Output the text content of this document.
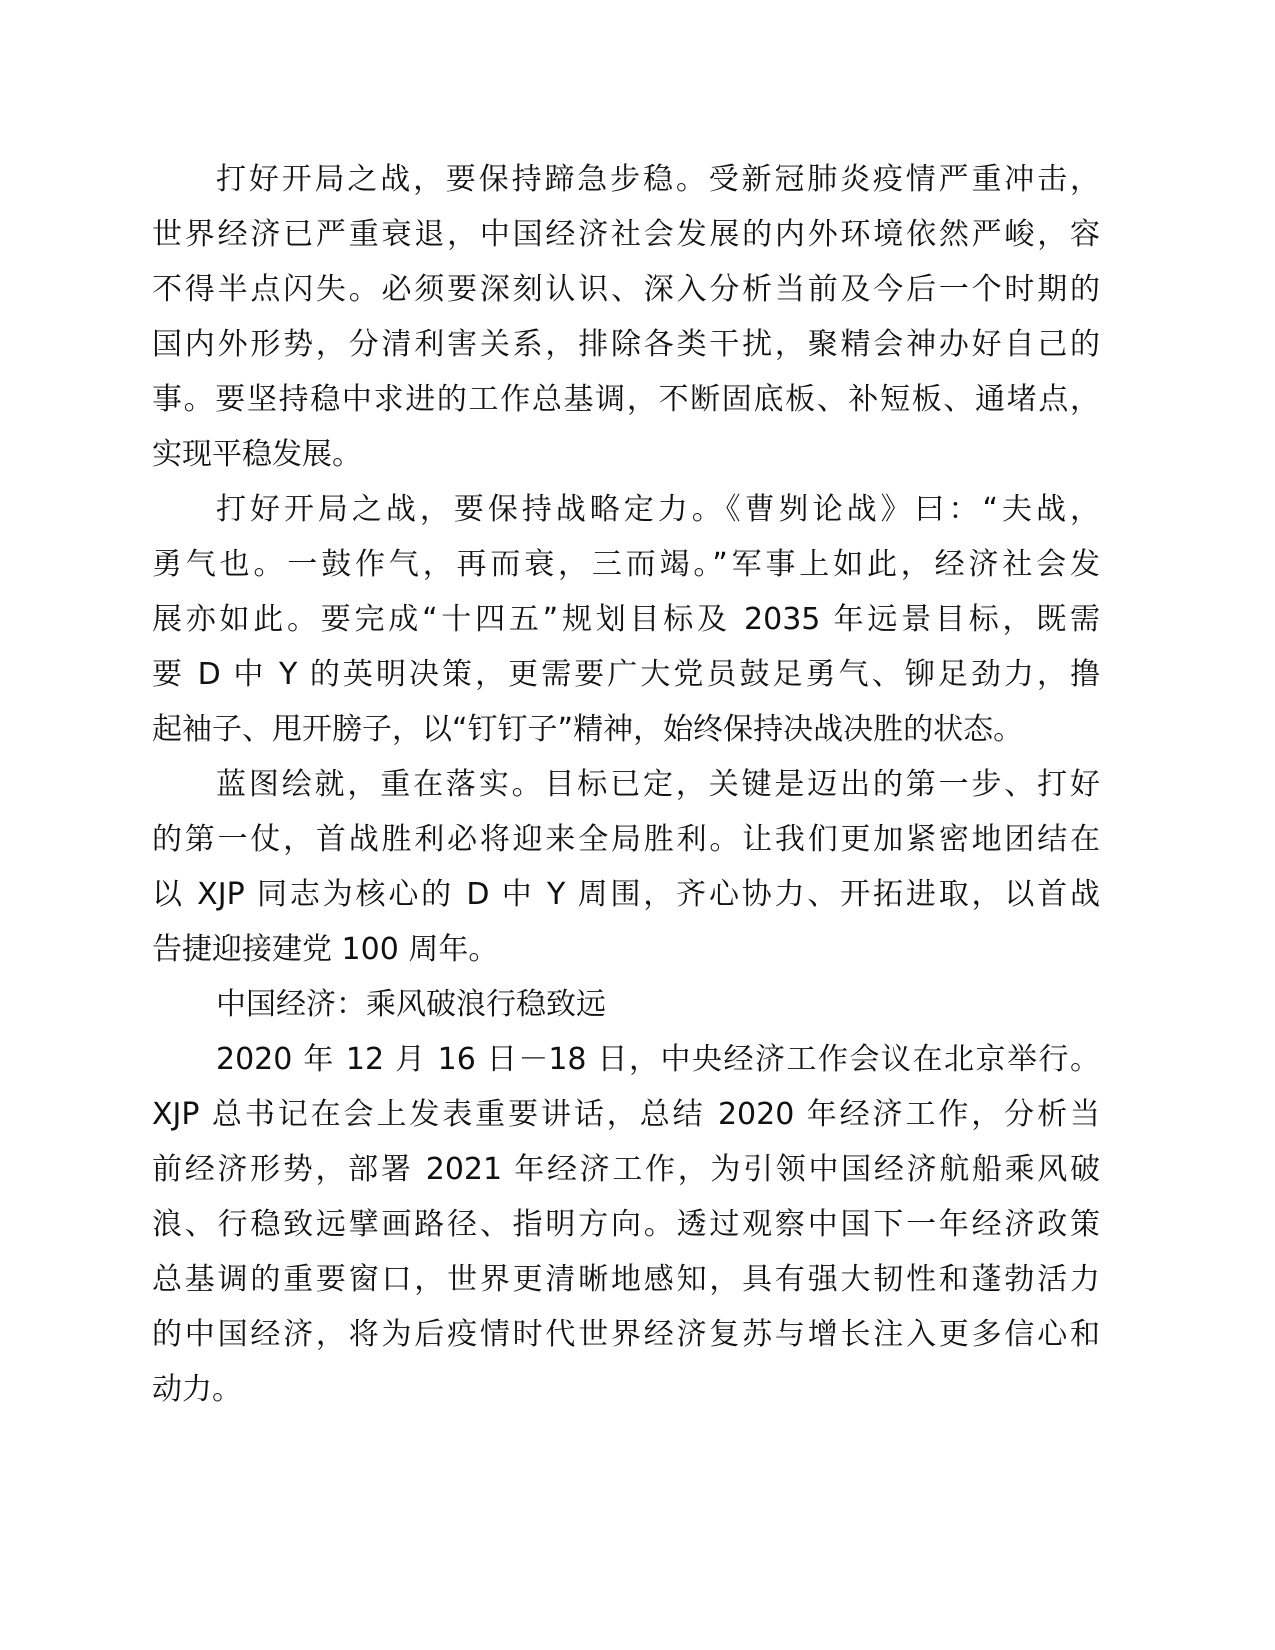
打好开局之战，要保持蹄急步稳。受新冠肺炎疫情严重冲击，
世界经济已严重衰退，中国经济社会发展的内外环境依然严峻，容
不得半点闪失。必须要深刻认识、深入分析当前及今后一个时期的
国内外形势，分清利害关系，排除各类干扰，聚精会神办好自己的
事。要坚持稳中求进的工作总基调，不断固底板、补短板、通堵点，
实现平稳发展。
打好开局之战，要保持战略定力。《曹刿论战》曰：“夫战，
勇气也。一鼓作气，再而衰，三而竭。”军事上如此，经济社会发
展亦如此。要完成“十四五”规划目标及 2035 年远景目标，既需
要 D 中 Y 的英明决策，更需要广大党员鼓足勇气、铆足劲力，撸
起袖子、甩开膀子，以“钉钉子”精神，始终保持决战决胜的状态。
蓝图绘就，重在落实。目标已定，关键是迈出的第一步、打好
的第一仗，首战胜利必将迎来全局胜利。让我们更加紧密地团结在
以 XJP 同志为核心的 D 中 Y 周围，齐心协力、开拓进取，以首战
告捷迎接建党 100 周年。
中国经济：乘风破浪行稳致远
2020 年 12 月 16 日－18 日，中央经济工作会议在北京举行。
XJP 总书记在会上发表重要讲话，总结 2020 年经济工作，分析当
前经济形势，部署 2021 年经济工作，为引领中国经济航船乘风破
浪、行稳致远擘画路径、指明方向。透过观察中国下一年经济政策
总基调的重要窗口，世界更清晰地感知，具有强大韧性和蓬勃活力
的中国经济，将为后疫情时代世界经济复苏与增长注入更多信心和
动力。
